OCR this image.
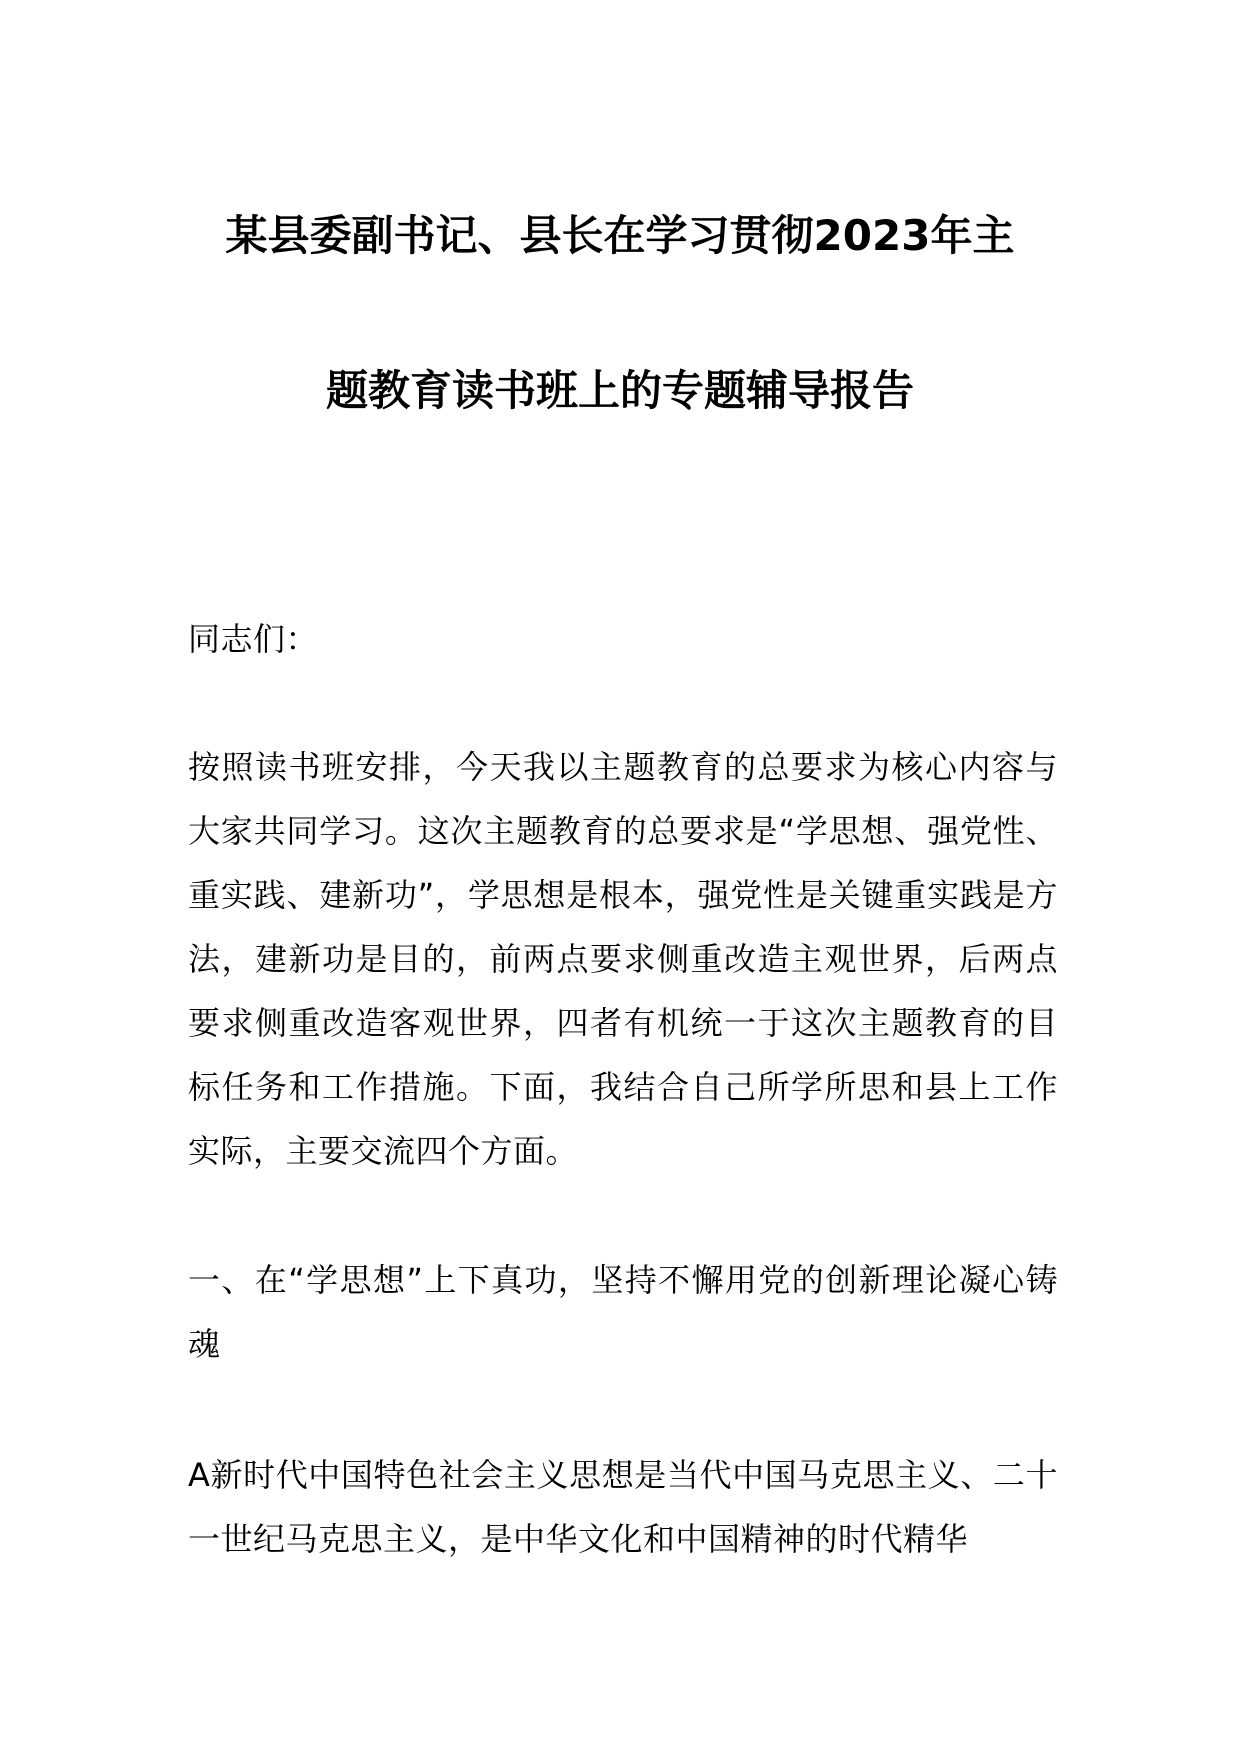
某县委副书记、县长在学习贯彻2023年主
题教育读书班上的专题辅导报告
同志们：
按照读书班安排，今天我以主题教育的总要求为核心内容与大家共同学习。这次主题教育的总要求是“学思想、强党性、重实践、建新功”，学思想是根本，强党性是关键重实践是方法，建新功是目的，前两点要求侧重改造主观世界，后两点要求侧重改造客观世界，四者有机统一于这次主题教育的目标任务和工作措施。下面，我结合自己所学所思和县上工作实际，主要交流四个方面。
一、在“学思想”上下真功，坚持不懈用党的创新理论凝心铸魂
A新时代中国特色社会主义思想是当代中国马克思主义、二十一世纪马克思主义，是中华文化和中国精神的时代精华
